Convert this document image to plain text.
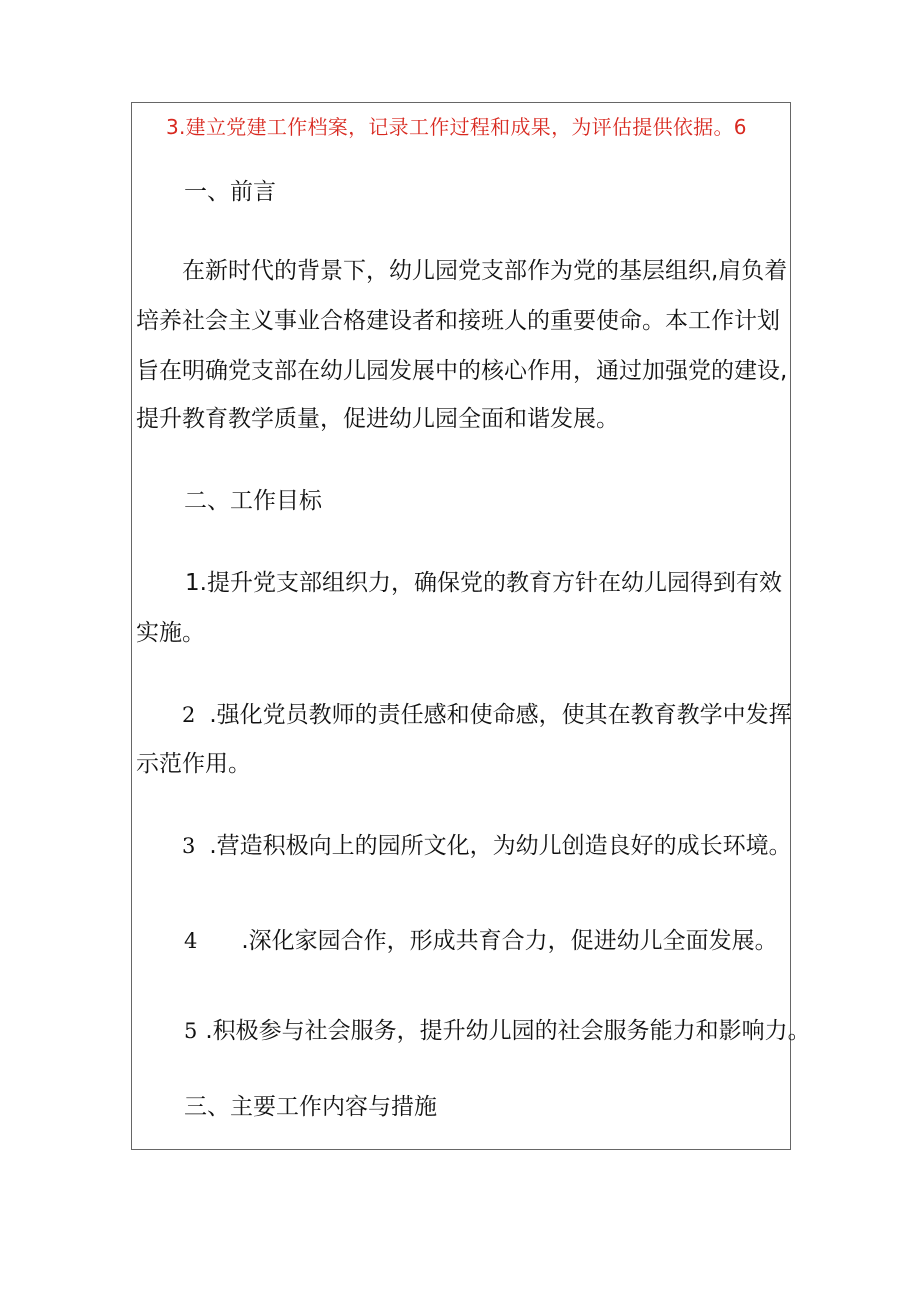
3.建立党建工作档案，记录工作过程和成果，为评估提供依据。6
一、前言
在新时代的背景下，幼儿园党支部作为党的基层组织,肩负着
培养社会主义事业合格建设者和接班人的重要使命。本工作计划
旨在明确党支部在幼儿园发展中的核心作用，通过加强党的建设,
提升教育教学质量，促进幼儿园全面和谐发展。
二、工作目标
1.提升党支部组织力，确保党的教育方针在幼儿园得到有效
实施。
2 .强化党员教师的责任感和使命感，使其在教育教学中发挥
示范作用。
3 .营造积极向上的园所文化，为幼儿创造良好的成长环境。
4 .深化家园合作，形成共育合力，促进幼儿全面发展。
5 .积极参与社会服务，提升幼儿园的社会服务能力和影响力。
三、主要工作内容与措施
